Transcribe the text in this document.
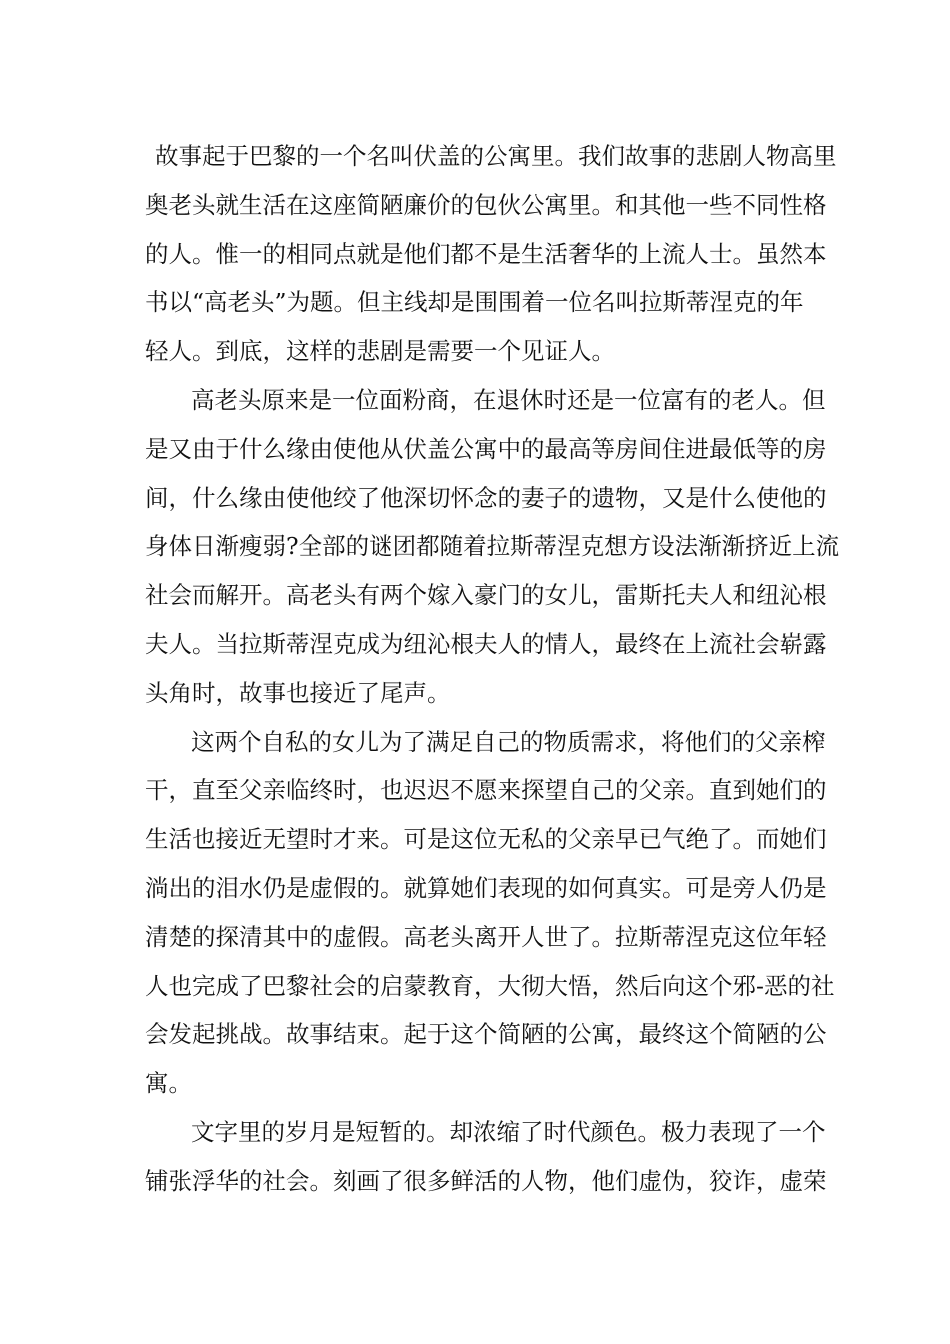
故事起于巴黎的一个名叫伏盖的公寓里。我们故事的悲剧人物高里
奥老头就生活在这座简陋廉价的包伙公寓里。和其他一些不同性格
的人。惟一的相同点就是他们都不是生活奢华的上流人士。虽然本
书以“高老头”为题。但主线却是围围着一位名叫拉斯蒂涅克的年
轻人。到底，这样的悲剧是需要一个见证人。
高老头原来是一位面粉商，在退休时还是一位富有的老人。但
是又由于什么缘由使他从伏盖公寓中的最高等房间住进最低等的房
间，什么缘由使他绞了他深切怀念的妻子的遗物，又是什么使他的
身体日渐瘦弱?全部的谜团都随着拉斯蒂涅克想方设法渐渐挤近上流
社会而解开。高老头有两个嫁入豪门的女儿，雷斯托夫人和纽沁根
夫人。当拉斯蒂涅克成为纽沁根夫人的情人，最终在上流社会崭露
头角时，故事也接近了尾声。
这两个自私的女儿为了满足自己的物质需求，将他们的父亲榨
干，直至父亲临终时，也迟迟不愿来探望自己的父亲。直到她们的
生活也接近无望时才来。可是这位无私的父亲早已气绝了。而她们
淌出的泪水仍是虚假的。就算她们表现的如何真实。可是旁人仍是
清楚的探清其中的虚假。高老头离开人世了。拉斯蒂涅克这位年轻
人也完成了巴黎社会的启蒙教育，大彻大悟，然后向这个邪-恶的社
会发起挑战。故事结束。起于这个简陋的公寓，最终这个简陋的公
寓。
文字里的岁月是短暂的。却浓缩了时代颜色。极力表现了一个
铺张浮华的社会。刻画了很多鲜活的人物，他们虚伪，狡诈，虚荣
